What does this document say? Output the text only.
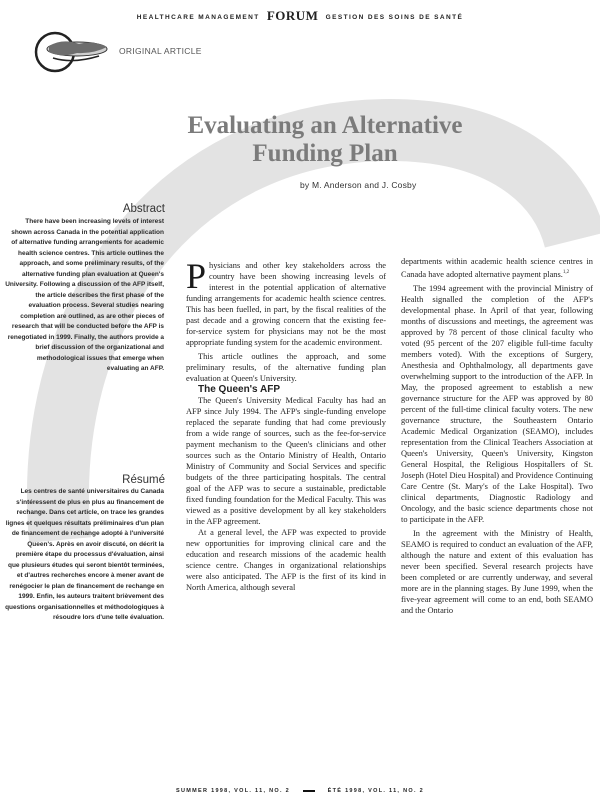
HEALTHCARE MANAGEMENT FORUM GESTION DES SOINS DE SANTÉ
ORIGINAL ARTICLE
Evaluating an Alternative Funding Plan
by M. Anderson and J. Cosby
Abstract
There have been increasing levels of interest shown across Canada in the potential application of alternative funding arrangements for academic health science centres. This article outlines the approach, and some preliminary results, of the alternative funding plan evaluation at Queen's University. Following a discussion of the AFP itself, the article describes the first phase of the evaluation process. Several studies nearing completion are outlined, as are other pieces of research that will be conducted before the AFP is renegotiated in 1999. Finally, the authors provide a brief discussion of the organizational and methodological issues that emerge when evaluating an AFP.
Résumé
Les centres de santé universitaires du Canada s'intéressent de plus en plus au financement de rechange. Dans cet article, on trace les grandes lignes et quelques résultats préliminaires d'un plan de financement de rechange adopté à l'université Queen's. Après en avoir discuté, on décrit la première étape du processus d'évaluation, ainsi que plusieurs études qui seront bientôt terminées, et d'autres recherches encore à mener avant de renégocier le plan de financement de rechange en 1999. Enfin, les auteurs traitent brièvement des questions organisationnelles et méthodologiques à résoudre lors d'une telle évaluation.

Physicians and other key stakeholders across the country have been showing increasing levels of interest in the potential application of alternative funding arrangements for academic health science centres. This has been fuelled, in part, by the fiscal realities of the past decade and a growing concern that the existing fee-for-service system for physicians may not be the most appropriate funding system for the academic environment.

This article outlines the approach, and some preliminary results, of the alternative funding plan evaluation at Queen's University.

The Queen's AFP

The Queen's University Medical Faculty has had an AFP since July 1994. The AFP's single-funding envelope replaced the separate funding that had come previously from a wide range of sources, such as the fee-for-service payment mechanism to the Queen's clinicians and other sources such as the Ontario Ministry of Health, Ontario Ministry of Community and Social Services and specific budgets of the three participating hospitals. The central goal of the AFP was to secure a sustainable, predictable fixed funding foundation for the Medical Faculty. This was viewed as a positive development by all key stakeholders in the AFP agreement.

At a general level, the AFP was expected to provide new opportunities for improving clinical care and the education and research missions of the academic health science centre. Changes in organizational relationships were also anticipated. The AFP is the first of its kind in North America, although several

departments within academic health science centres in Canada have adopted alternative payment plans.$^{1,2}$

The 1994 agreement with the provincial Ministry of Health signalled the completion of the AFP's developmental phase. In April of that year, following months of discussions and meetings, the agreement was approved by 78 percent of those clinical faculty who voted (95 percent of the 207 eligible full-time faculty members voted). With the exceptions of Surgery, Anesthesia and Ophthalmology, all departments gave overwhelming support to the introduction of the AFP. In May, the proposed agreement to establish a new governance structure for the AFP was approved by 80 percent of the full-time clinical faculty voters. The new governance structure, the Southeastern Ontario Academic Medical Organization (SEAMO), includes representation from the Clinical Teachers Association at Queen's University, Queen's University, Kingston General Hospital, the Religious Hospitallers of St. Joseph (Hotel Dieu Hospital) and Providence Continuing Care Centre (St. Mary's of the Lake Hospital). Two clinical departments, Diagnostic Radiology and Oncology, and the basic science departments chose not to participate in the AFP.

In the agreement with the Ministry of Health, SEAMO is required to conduct an evaluation of the AFP, although the nature and extent of this evaluation has never been specified. Several research projects have been completed or are currently underway, and several more are in the planning stages. By June 1999, when the five-year agreement will come to an end, both SEAMO and the Ontario

SUMMER 1998, VOL. 11, NO. 2	ÉTÉ 1998, VOL. 11, NO. 2
